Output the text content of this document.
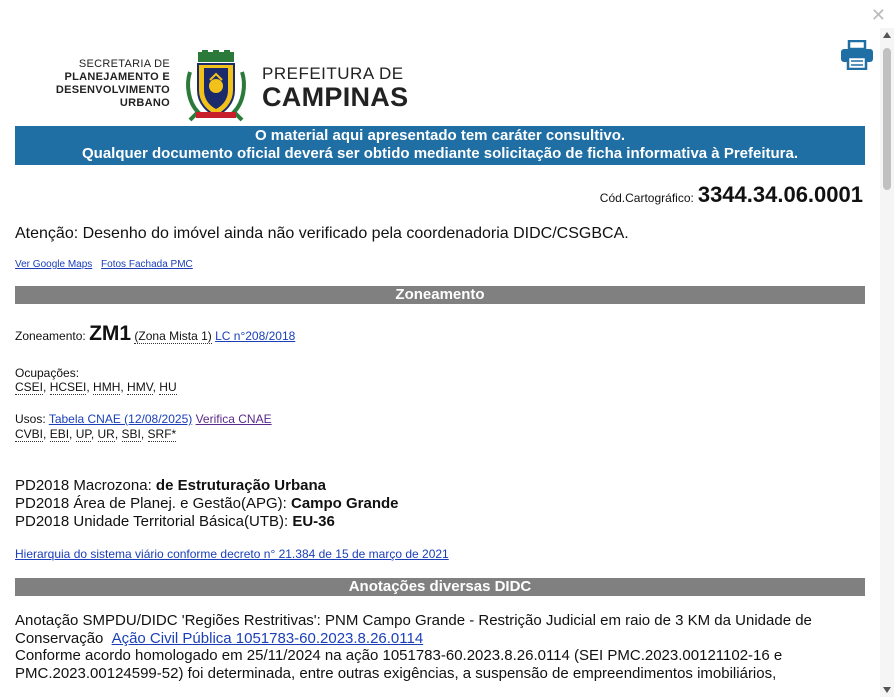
✕
SECRETARIA DE
PLANEJAMENTO E
DESENVOLVIMENTO
URBANO
PREFEITURA DE
CAMPINAS
O material aqui apresentado tem caráter consultivo.
Qualquer documento oficial deverá ser obtido mediante solicitação de ficha informativa à Prefeitura.
Cód.Cartográfico: 3344.34.06.0001
Atenção: Desenho do imóvel ainda não verificado pela coordenadoria DIDC/CSGBCA.
Ver Google Maps Fotos Fachada PMC
Zoneamento
Zoneamento: ZM1 (Zona Mista 1) LC n°208/2018
Ocupações:
CSEI, HCSEI, HMH, HMV, HU
Usos: Tabela CNAE (12/08/2025) Verifica CNAE
CVBI, EBI, UP, UR, SBI, SRF*
PD2018 Macrozona: de Estruturação Urbana
PD2018 Área de Planej. e Gestão(APG): Campo Grande
PD2018 Unidade Territorial Básica(UTB): EU-36
Hierarquia do sistema viário conforme decreto n° 21.384 de 15 de março de 2021
Anotações diversas DIDC
Anotação SMPDU/DIDC 'Regiões Restritivas': PNM Campo Grande - Restrição Judicial em raio de 3 KM da Unidade de Conservação Ação Civil Pública 1051783-60.2023.8.26.0114
Conforme acordo homologado em 25/11/2024 na ação 1051783-60.2023.8.26.0114 (SEI PMC.2023.00121102-16 e PMC.2023.00124599-52) foi determinada, entre outras exigências, a suspensão de empreendimentos imobiliários,
